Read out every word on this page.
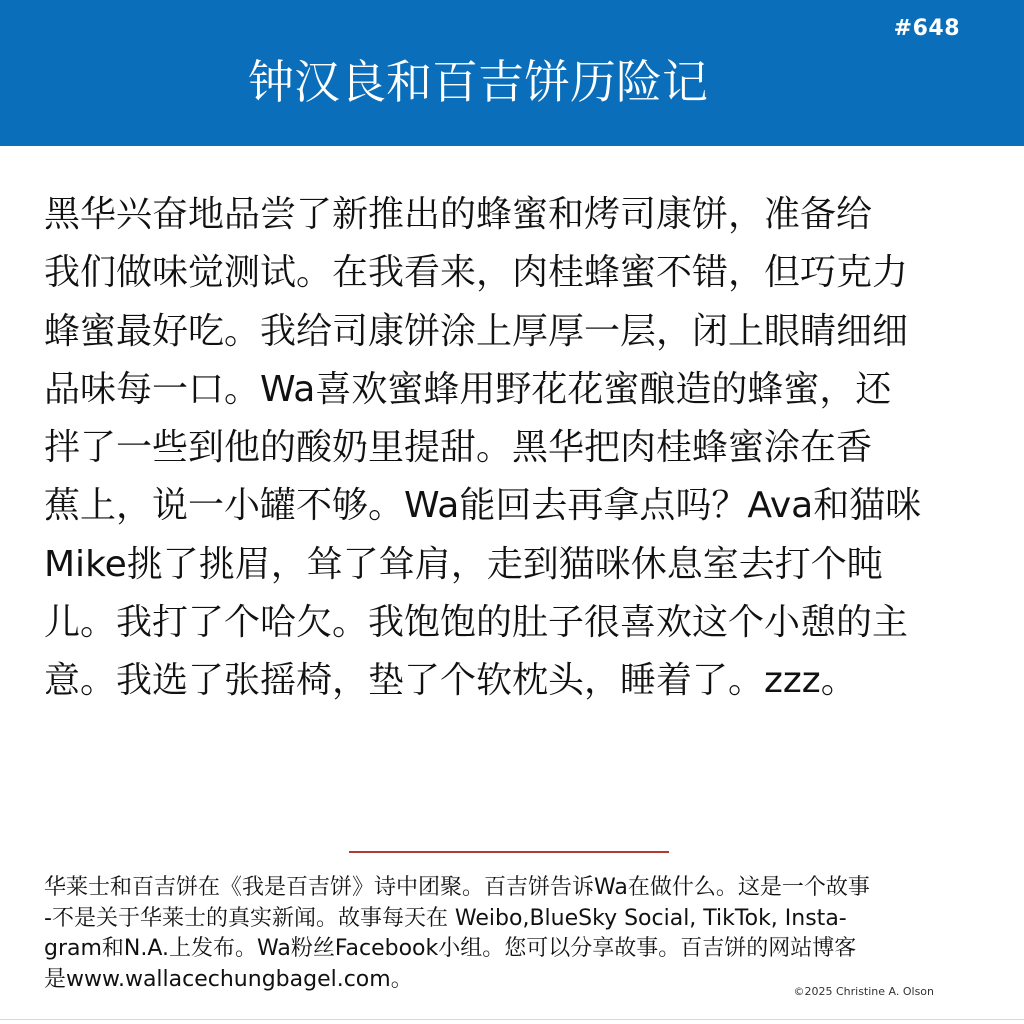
#648
钟汉良和百吉饼历险记

黑华兴奋地品尝了新推出的蜂蜜和烤司康饼，准备给
我们做味觉测试。在我看来，肉桂蜂蜜不错，但巧克力
蜂蜜最好吃。我给司康饼涂上厚厚一层，闭上眼睛细细
品味每一口。Wa喜欢蜜蜂用野花花蜜酿造的蜂蜜，还
拌了一些到他的酸奶里提甜。黑华把肉桂蜂蜜涂在香
蕉上，说一小罐不够。Wa能回去再拿点吗？Ava和猫咪
Mike挑了挑眉，耸了耸肩，走到猫咪休息室去打个盹
儿。我打了个哈欠。我饱饱的肚子很喜欢这个小憩的主
意。我选了张摇椅，垫了个软枕头，睡着了。zzz。

华莱士和百吉饼在《我是百吉饼》诗中团聚。百吉饼告诉Wa在做什么。这是一个故事
-不是关于华莱士的真实新闻。故事每天在 Weibo,BlueSky Social, TikTok, Insta-
gram和N.A.上发布。Wa粉丝Facebook小组。您可以分享故事。百吉饼的网站博客
是www.wallacechungbagel.com。	©2025 Christine A. Olson
